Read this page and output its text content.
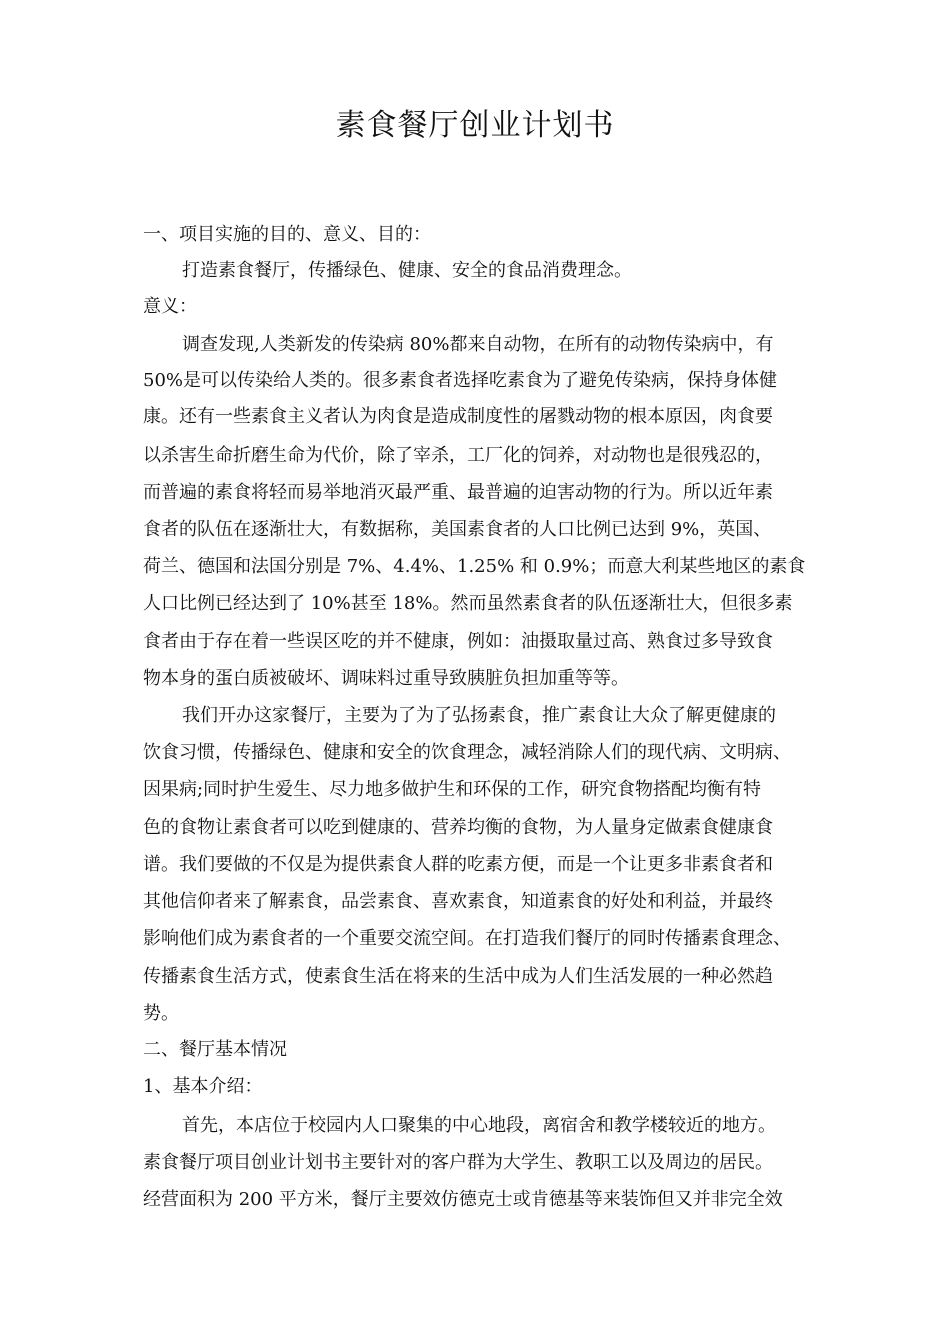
素食餐厅创业计划书
一、项目实施的目的、意义、目的：
打造素食餐厅，传播绿色、健康、安全的食品消费理念。
意义：
调查发现,人类新发的传染病 80%都来自动物，在所有的动物传染病中，有
50%是可以传染给人类的。很多素食者选择吃素食为了避免传染病，保持身体健
康。还有一些素食主义者认为肉食是造成制度性的屠戮动物的根本原因，肉食要
以杀害生命折磨生命为代价，除了宰杀，工厂化的饲养，对动物也是很残忍的，
而普遍的素食将轻而易举地消灭最严重、最普遍的迫害动物的行为。所以近年素
食者的队伍在逐渐壮大，有数据称，美国素食者的人口比例已达到 9%，英国、
荷兰、德国和法国分别是 7%、4.4%、1.25% 和 0.9%；而意大利某些地区的素食
人口比例已经达到了 10%甚至 18%。然而虽然素食者的队伍逐渐壮大，但很多素
食者由于存在着一些误区吃的并不健康，例如：油摄取量过高、熟食过多导致食
物本身的蛋白质被破坏、调味料过重导致胰脏负担加重等等。
我们开办这家餐厅，主要为了为了弘扬素食，推广素食让大众了解更健康的
饮食习惯，传播绿色、健康和安全的饮食理念，减轻消除人们的现代病、文明病、
因果病;同时护生爱生、尽力地多做护生和环保的工作，研究食物搭配均衡有特
色的食物让素食者可以吃到健康的、营养均衡的食物，为人量身定做素食健康食
谱。我们要做的不仅是为提供素食人群的吃素方便，而是一个让更多非素食者和
其他信仰者来了解素食，品尝素食、喜欢素食，知道素食的好处和利益，并最终
影响他们成为素食者的一个重要交流空间。在打造我们餐厅的同时传播素食理念、
传播素食生活方式，使素食生活在将来的生活中成为人们生活发展的一种必然趋
势。
二、餐厅基本情况
1、基本介绍：
首先，本店位于校园内人口聚集的中心地段，离宿舍和教学楼较近的地方。
素食餐厅项目创业计划书主要针对的客户群为大学生、教职工以及周边的居民。
经营面积为 200 平方米，餐厅主要效仿德克士或肯德基等来装饰但又并非完全效
